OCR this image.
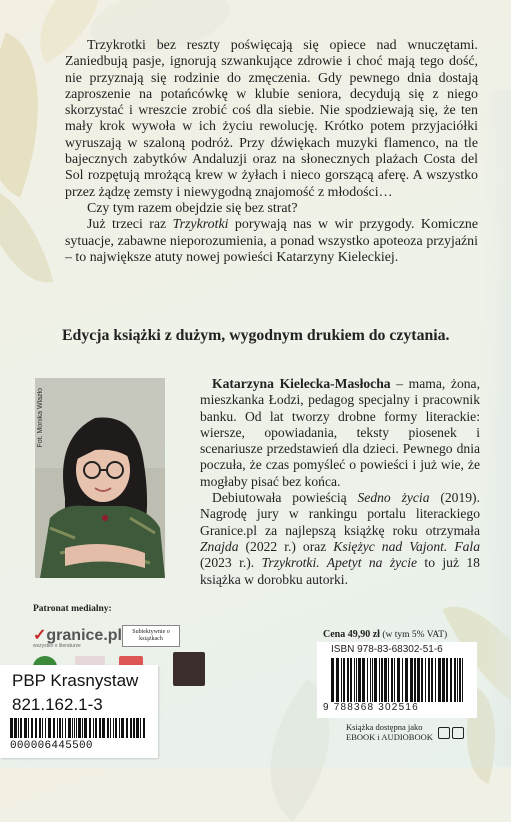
Trzykrotki bez reszty poświęcają się opiece nad wnuczętami. Zaniedbują pasje, ignorują szwankujące zdrowie i choć mają tego dość, nie przyznają się rodzinie do zmęczenia. Gdy pewnego dnia dostają zaproszenie na potańcówkę w klubie seniora, decydują się z niego skorzystać i wreszcie zrobić coś dla siebie. Nie spodziewają się, że ten mały krok wywoła w ich życiu rewolucję. Krótko potem przyjaciółki wyruszają w szaloną podróż. Przy dźwiękach muzyki flamenco, na tle bajecznych zabytków Andaluzji oraz na słonecznych plażach Costa del Sol rozpętują mrożącą krew w żyłach i nieco gorszącą aferę. A wszystko przez żądzę zemsty i niewygodną znajomość z młodości…

Czy tym razem obejdzie się bez strat?

Już trzeci raz Trzykrotki porywają nas w wir przygody. Komiczne sytuacje, zabawne nieporozumienia, a ponad wszystko apoteoza przyjaźni – to największe atuty nowej powieści Katarzyny Kieleckiej.

Edycja książki z dużym, wygodnym drukiem do czytania.
Fot. Monika Wlazło

Katarzyna Kielecka-Masłocha – mama, żona, mieszkanka Łodzi, pedagog specjalny i pracownik banku. Od lat tworzy drobne formy literackie: wiersze, opowiadania, teksty piosenek i scenariusze przedstawień dla dzieci. Pewnego dnia poczuła, że czas pomyśleć o powieści i już wie, że mogłaby pisać bez końca.

Debiutowała powieścią Sedno życia (2019). Nagrodę jury w rankingu portalu literackiego Granice.pl za najlepszą książkę roku otrzymała Znajda (2022 r.) oraz Księżyc nad Vajont. Fala (2023 r.). Trzykrotki. Apetyt na życie to już 18 książka w dorobku autorki.

Patronat medialny:
✓granice.pl
wszystko o literaturze
Subiektywnie o książkach
PBP Krasnystaw
821.162.1-3
000006445500
Cena 49,90 zł (w tym 5% VAT)
ISBN 978-83-68302-51-6
9 788368 302516
Książka dostępna jako
EBOOK i AUDIOBOOK
